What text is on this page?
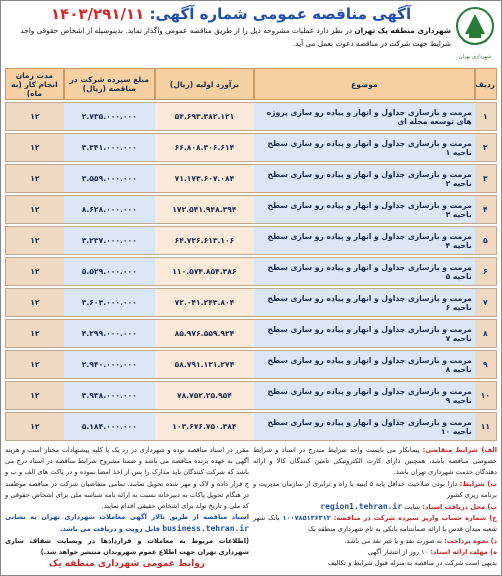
شهرداری تهران
آگهی مناقصه عمومی شماره آگهی: ۱۴۰۳/۲۹۱/۱۱
شهرداری منطقه یک تهران در نظر دارد عملیات مشروحه ذیل را از طریق مناقصه عمومی واگذار نماید. بدینوسیله از اشخاص حقوقی واجد شرایط جهت شرکت در مناقصه دعوت بعمل می آید.
ردیف	موضوع	برآورد اولیه (ریال)	مبلغ سپرده شرکت در مناقصه (ریال)	مدت زمان انجام کار (به ماه)
۱	مرمت و بازسازی جداول و انهار و پیاده رو سازی پروژه های توسعه محله ای	۵۴.۶۹۳.۳۸۲.۱۲۱	۲.۷۳۵.۰۰۰.۰۰۰	۱۲
۲	مرمت و بازسازی جداول و انهار و پیاده رو سازی سطح ناحیه ۱	۶۶.۸۰۸.۳۰۶.۶۱۴	۳.۳۴۱.۰۰۰.۰۰۰	۱۲
۳	مرمت و بازسازی جداول و انهار و پیاده رو سازی سطح ناحیه ۲	۷۱.۱۷۳.۶۰۷.۰۸۴	۳.۵۵۹.۰۰۰.۰۰۰	۱۲
۴	مرمت و بازسازی جداول و انهار و پیاده رو سازی سطح ناحیه ۳	۱۷۲.۵۴۱.۹۴۸.۳۹۴	۸.۶۲۸.۰۰۰.۰۰۰	۱۲
۵	مرمت و بازسازی جداول و انهار و پیاده رو سازی سطح ناحیه ۴	۶۴.۷۳۶.۶۱۳.۱۰۶	۳.۲۳۷.۰۰۰.۰۰۰	۱۲
۶	مرمت و بازسازی جداول و انهار و پیاده رو سازی سطح ناحیه ۵	۱۱۰.۵۷۴.۸۵۴.۳۸۶	۵.۵۲۹.۰۰۰.۰۰۰	۱۲
۷	مرمت و بازسازی جداول و انهار و پیاده رو سازی سطح ناحیه ۶	۷۲.۰۴۱.۲۴۳.۸۰۴	۳.۶۰۳.۰۰۰.۰۰۰	۱۲
۸	مرمت و بازسازی جداول و انهار و پیاده رو سازی سطح ناحیه ۷	۸۵.۹۷۶.۵۵۹.۹۲۴	۴.۲۹۹.۰۰۰.۰۰۰	۱۲
۹	مرمت و بازسازی جداول و انهار و پیاده رو سازی سطح ناحیه ۸	۵۸.۷۹۱.۱۳۱.۲۷۴	۲.۹۴۰.۰۰۰.۰۰۰	۱۲
۱۰	مرمت و بازسازی جداول و انهار و پیاده رو سازی سطح ناحیه ۹	۷۸.۷۵۲.۲۵.۹۵۴	۳.۹۳۸.۰۰۰.۰۰۰	۱۲
۱۱	مرمت و بازسازی جداول و انهار و پیاده رو سازی سطح ناحیه ۱۰	۱۰۳.۶۷۶.۷۵۰.۳۸۴	۵.۱۸۴.۰۰۰.۰۰۰	۱۲
الف) شرایط متقاضی: پیمانکار می بایست واجد شرایط مندرج در اسناد و شرایط خصوصی مناقصه باشد، همچنین دارای کارت الکترونیکی تامین کنندگان کالا و ارائه دهندگان خدمت شهرداری تهران باشد.
ب) شرایط: دارا بودن صلاحیت حداقل پایه ۵ ابنیه یا راه و ترابری از سازمان مدیریت و برنامه ریزی کشور
پ) محل دریافت اسناد: سایت region1.tehran.ir
ج) شماره حساب واریز سپرده شرکت در مناقصه: ۱۰۰۷۸۵۱۳۶۳۱۲ بانک شهر شعبه میدان قدس یا ارائه ضمانتنامه بانکی به نام شهرداری منطقه یک
د) نحوه پرداخت: به صورت نقد و یا غیر نقد می باشد.
ه) مهلت ارائه اسناد: ۱۰ روز از انتشار آگهی
بدیهی است شرکت در مناقصه به منزله قبول شرایط و تکالیف
مقرر در اسناد مناقصه بوده و شهرداری در رد یک یا کلیه پیشنهادات مختار است و هزینه آگهی به عهده برنده مناقصه می باشد و ضمنا مشروح شرایط مناقصه در اسناد درج می باشد که شرکت کنندگان باید مدارک را پس از اخذ امضا نموده و در پاکت های الف و ب و ج قرار داده و لاک و مهر شده تحویل نمایند. تمامی متقاضیان شرکت در مناقصه موظفند در هنگام تحویل پاکات به دبیرخانه نسبت به ارائه نامه شناسه ملی برای اشخاص حقوقی و کد ملی و تاریخ تولد برای اشخاص حقیقی اقدام نمایند.
اسناد مناقصه از طریق تالار آگهی معاملات شهرداری تهران به نشانی business.tehran.ir قابل رویت و دریافت می باشد.
(اطلاعات مربوط به معاملات و قراردادها در وبسایت شفاف سازی شهرداری تهران جهت اطلاع عموم شهروندان منتشر خواهد شد.)
روابط عمومی شهرداری منطقه یک
